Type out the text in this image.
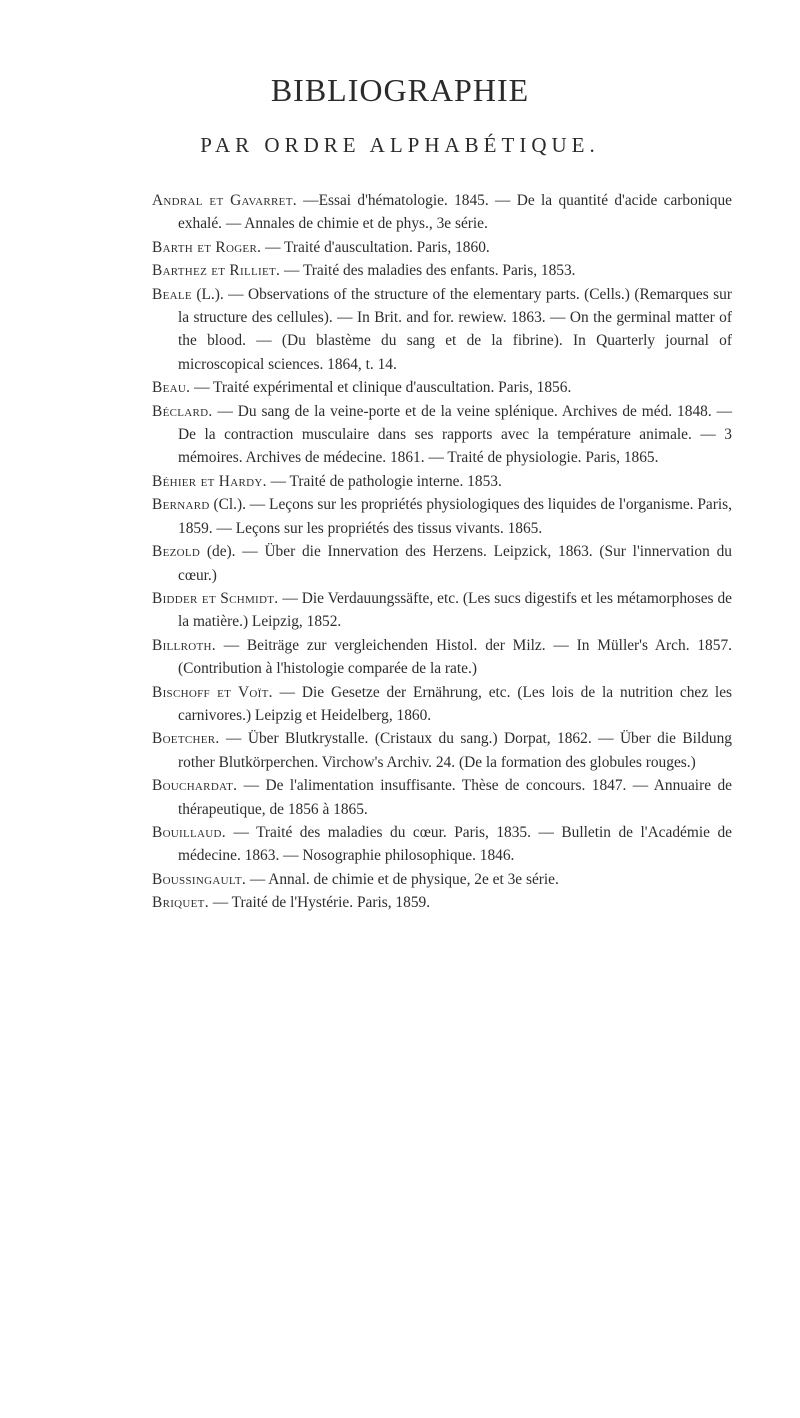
BIBLIOGRAPHIE
PAR ORDRE ALPHABÉTIQUE.

Andral et Gavarret. —Essai d'hématologie. 1845. — De la quantité d'acide carbonique exhalé. — Annales de chimie et de phys., 3e série.

Barth et Roger. — Traité d'auscultation. Paris, 1860.

Barthez et Rilliet. — Traité des maladies des enfants. Paris, 1853.

Beale (L.). — Observations of the structure of the elementary parts. (Cells.) (Remarques sur la structure des cellules). — In Brit. and for. rewiew. 1863. — On the germinal matter of the blood. — (Du blastème du sang et de la fibrine). In Quarterly journal of microscopical sciences. 1864, t. 14.

Beau. — Traité expérimental et clinique d'auscultation. Paris, 1856.

Béclard. — Du sang de la veine-porte et de la veine splénique. Archives de méd. 1848. — De la contraction musculaire dans ses rapports avec la température animale. — 3 mémoires. Archives de médecine. 1861. — Traité de physiologie. Paris, 1865.

Béhier et Hardy. — Traité de pathologie interne. 1853.

Bernard (Cl.). — Leçons sur les propriétés physiologiques des liquides de l'organisme. Paris, 1859. — Leçons sur les propriétés des tissus vivants. 1865.

Bezold (de). — Über die Innervation des Herzens. Leipzick, 1863. (Sur l'innervation du cœur.)

Bidder et Schmidt. — Die Verdauungssäfte, etc. (Les sucs digestifs et les métamorphoses de la matière.) Leipzig, 1852.

Billroth. — Beiträge zur vergleichenden Histol. der Milz. — In Müller's Arch. 1857. (Contribution à l'histologie comparée de la rate.)

Bischoff et Voït. — Die Gesetze der Ernährung, etc. (Les lois de la nutrition chez les carnivores.) Leipzig et Heidelberg, 1860.

Boetcher. — Über Blutkrystalle. (Cristaux du sang.) Dorpat, 1862. — Über die Bildung rother Blutkörperchen. Virchow's Archiv. 24. (De la formation des globules rouges.)

Bouchardat. — De l'alimentation insuffisante. Thèse de concours. 1847. — Annuaire de thérapeutique, de 1856 à 1865.

Bouillaud. — Traité des maladies du cœur. Paris, 1835. — Bulletin de l'Académie de médecine. 1863. — Nosographie philosophique. 1846.

Boussingault. — Annal. de chimie et de physique, 2e et 3e série.

Briquet. — Traité de l'Hystérie. Paris, 1859.
